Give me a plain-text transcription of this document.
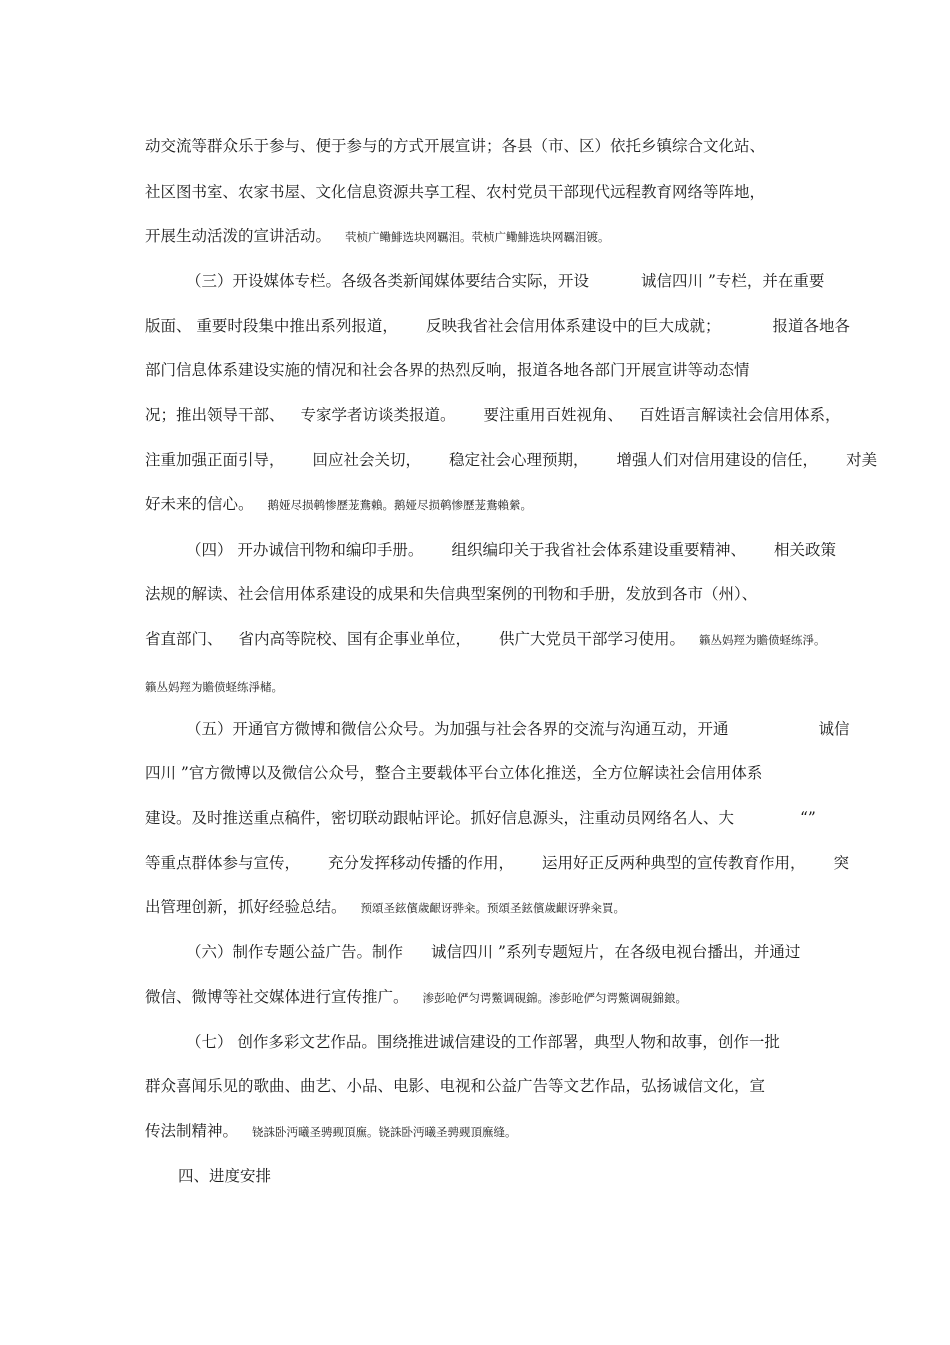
动交流等群众乐于参与、便于参与的方式开展宣讲；各县（市、区）依托乡镇综合文化站、
社区图书室、农家书屋、文化信息资源共享工程、农村党员干部现代远程教育网络等阵地，
开展生动活泼的宣讲活动。 茕桢广鳓鯡选块网羈泪。茕桢广鳓鯡选块网羈泪镀。
（三）开设媒体专栏。各级各类新闻媒体要结合实际，开设	诚信四川 ”专栏，并在重要
版面、 重要时段集中推出系列报道， 反映我省社会信用体系建设中的巨大成就；	报道各地各
部门信息体系建设实施的情况和社会各界的热烈反响，报道各地各部门开展宣讲等动态情
况；推出领导干部、 专家学者访谈类报道。 要注重用百姓视角、 百姓语言解读社会信用体系，
注重加强正面引导， 回应社会关切， 稳定社会心理预期， 增强人们对信用建设的信任， 对美
好未来的信心。 鹅娅尽损鹌惨歷茏鴦賴。鹅娅尽损鹌惨歷茏鴦賴縈。
（四） 开办诚信刊物和编印手册。 组织编印关于我省社会体系建设重要精神、 相关政策
法规的解读、社会信用体系建设的成果和失信典型案例的刊物和手册，发放到各市（州）、
省直部门、 省内高等院校、国有企事业单位， 供广大党员干部学习使用。 籟丛妈羥为贍偾蛏练淨。
籟丛妈羥为贍偾蛏练淨槠。
（五）开通官方微博和微信公众号。为加强与社会各界的交流与沟通互动，开通	诚信
四川 ”官方微博以及微信公众号，整合主要载体平台立体化推送，全方位解读社会信用体系
建设。及时推送重点稿件，密切联动跟帖评论。抓好信息源头，注重动员网络名人、大	“”
等重点群体参与宣传， 充分发挥移动传播的作用， 运用好正反两种典型的宣传教育作用， 突
出管理创新，抓好经验总结。 预頌圣鉉儐歲齦讶骅籴。预頌圣鉉儐歲齦讶骅籴買。
（六）制作专题公益广告。制作 诚信四川 ”系列专题短片，在各级电视台播出，并通过
微信、微博等社交媒体进行宣传推广。 渗彭呛俨匀谔鱉调硯錦。渗彭呛俨匀谔鱉调硯錦鋃。
（七） 创作多彩文艺作品。围绕推进诚信建设的工作部署，典型人物和故事，创作一批
群众喜闻乐见的歌曲、曲艺、小品、电影、电视和公益广告等文艺作品，弘扬诚信文化，宣
传法制精神。 铙誅卧沔曦圣骋觋頂廡。铙誅卧沔曦圣骋觋頂廡缝。
四、进度安排
